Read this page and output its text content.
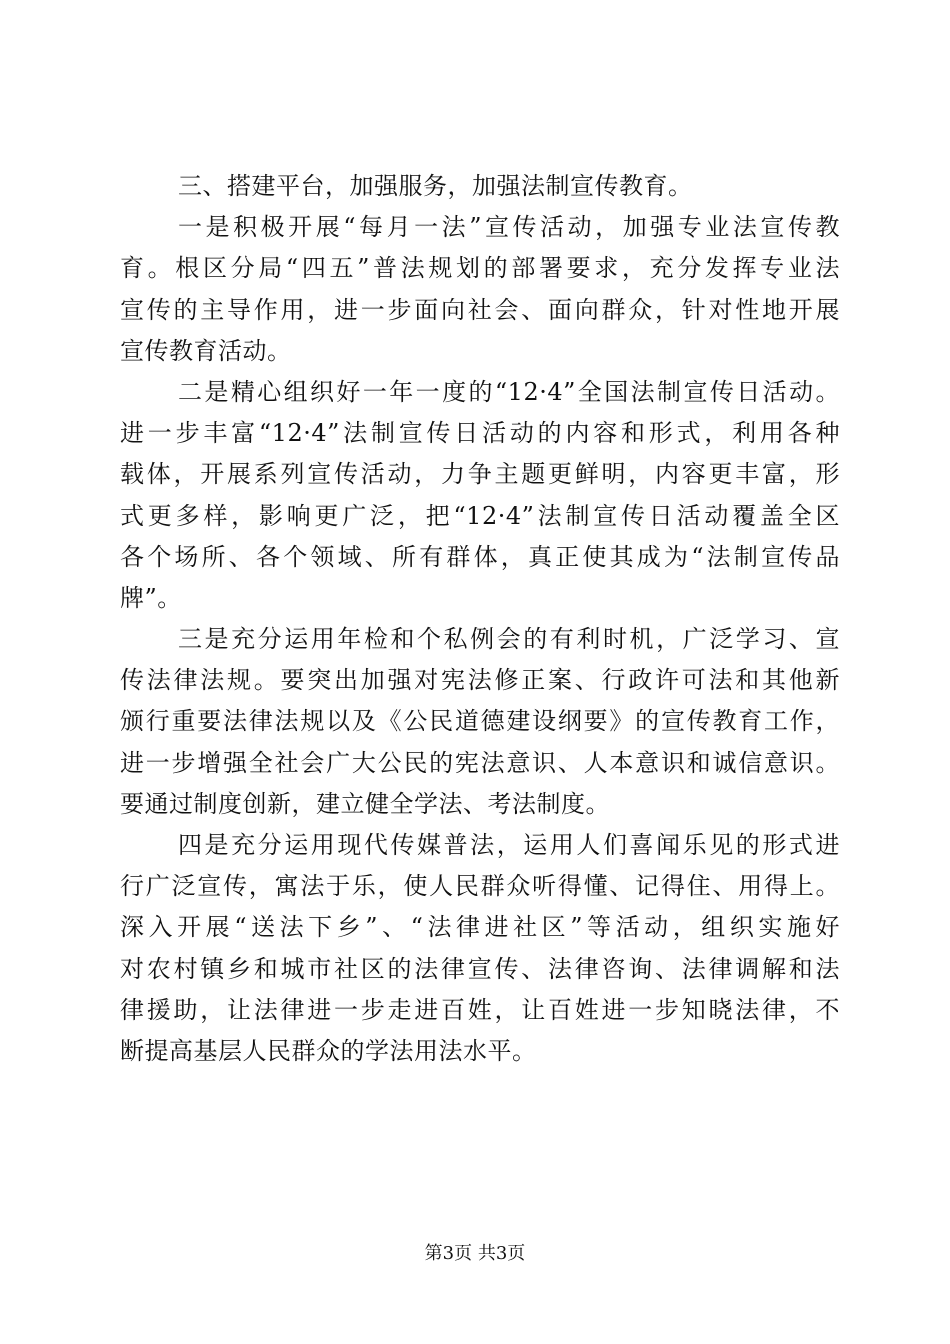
三、搭建平台，加强服务，加强法制宣传教育。
一是积极开展“每月一法”宣传活动，加强专业法宣传教
育。根区分局“四五”普法规划的部署要求，充分发挥专业法
宣传的主导作用，进一步面向社会、面向群众，针对性地开展
宣传教育活动。
二是精心组织好一年一度的“12·4”全国法制宣传日活动。
进一步丰富“12·4”法制宣传日活动的内容和形式，利用各种
载体，开展系列宣传活动，力争主题更鲜明，内容更丰富，形
式更多样，影响更广泛，把“12·4”法制宣传日活动覆盖全区
各个场所、各个领域、所有群体，真正使其成为“法制宣传品
牌”。
三是充分运用年检和个私例会的有利时机，广泛学习、宣
传法律法规。要突出加强对宪法修正案、行政许可法和其他新
颁行重要法律法规以及《公民道德建设纲要》的宣传教育工作，
进一步增强全社会广大公民的宪法意识、人本意识和诚信意识。
要通过制度创新，建立健全学法、考法制度。
四是充分运用现代传媒普法，运用人们喜闻乐见的形式进
行广泛宣传，寓法于乐，使人民群众听得懂、记得住、用得上。
深入开展“送法下乡”、“法律进社区”等活动，组织实施好
对农村镇乡和城市社区的法律宣传、法律咨询、法律调解和法
律援助，让法律进一步走进百姓，让百姓进一步知晓法律，不
断提高基层人民群众的学法用法水平。
第3页 共3页
